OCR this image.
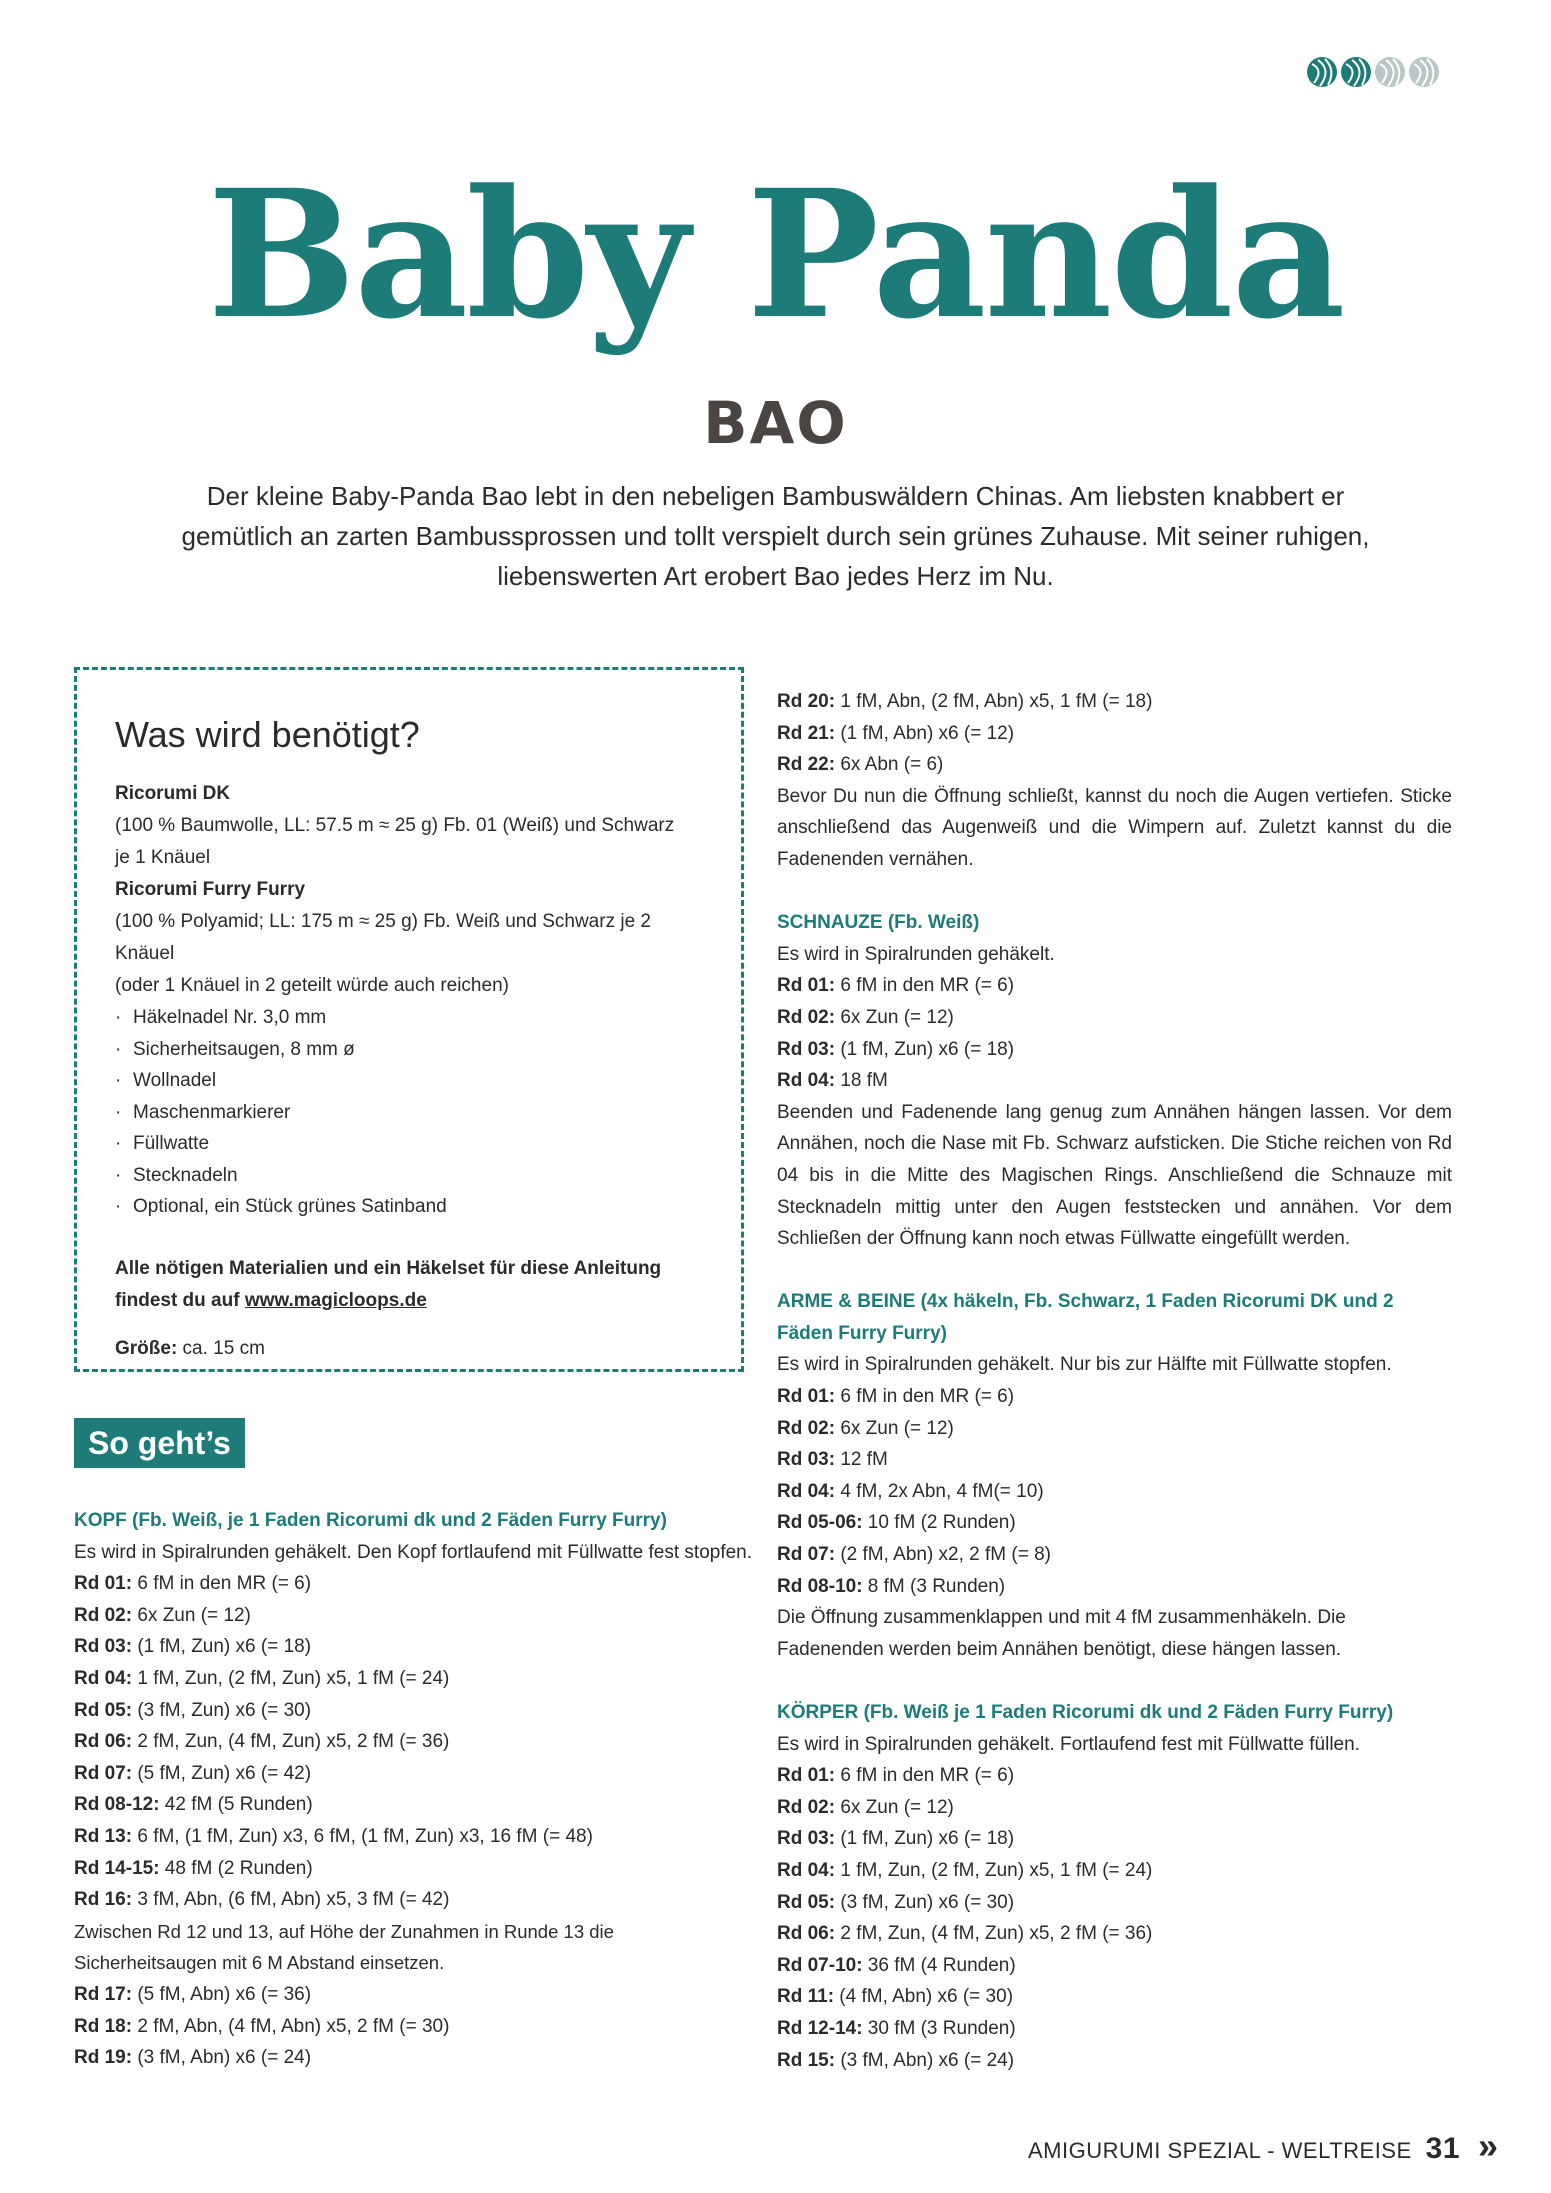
Baby Panda
BAO

Der kleine Baby-Panda Bao lebt in den nebeligen Bambuswäldern Chinas. Am liebsten knabbert er gemütlich an zarten Bambussprossen und tollt verspielt durch sein grünes Zuhause. Mit seiner ruhigen, liebenswerten Art erobert Bao jedes Herz im Nu.

Was wird benötigt?

Ricorumi DK

(100 % Baumwolle, LL: 57.5 m ≈ 25 g) Fb. 01 (Weiß) und Schwarz

je 1 Knäuel

Ricorumi Furry Furry

(100 % Polyamid; LL: 175 m ≈ 25 g) Fb. Weiß und Schwarz je 2 Knäuel

(oder 1 Knäuel in 2 geteilt würde auch reichen)

· Häkelnadel Nr. 3,0 mm
· Sicherheitsaugen, 8 mm ø
· Wollnadel
· Maschenmarkierer
· Füllwatte
· Stecknadeln
· Optional, ein Stück grünes Satinband

Alle nötigen Materialien und ein Häkelset für diese Anleitung findest du auf www.magicloops.de

Größe: ca. 15 cm

So geht’s

KOPF (Fb. Weiß, je 1 Faden Ricorumi dk und 2 Fäden Furry Furry)

Es wird in Spiralrunden gehäkelt. Den Kopf fortlaufend mit Füllwatte fest stopfen.

Rd 01: 6 fM in den MR (= 6)

Rd 02: 6x Zun (= 12)

Rd 03: (1 fM, Zun) x6 (= 18)

Rd 04: 1 fM, Zun, (2 fM, Zun) x5, 1 fM (= 24)

Rd 05: (3 fM, Zun) x6 (= 30)

Rd 06: 2 fM, Zun, (4 fM, Zun) x5, 2 fM (= 36)

Rd 07: (5 fM, Zun) x6 (= 42)

Rd 08-12: 42 fM (5 Runden)

Rd 13: 6 fM, (1 fM, Zun) x3, 6 fM, (1 fM, Zun) x3, 16 fM (= 48)

Rd 14-15: 48 fM (2 Runden)

Rd 16: 3 fM, Abn, (6 fM, Abn) x5, 3 fM (= 42)

Zwischen Rd 12 und 13, auf Höhe der Zunahmen in Runde 13 die Sicherheitsaugen mit 6 M Abstand einsetzen.

Rd 17: (5 fM, Abn) x6 (= 36)

Rd 18: 2 fM, Abn, (4 fM, Abn) x5, 2 fM (= 30)

Rd 19: (3 fM, Abn) x6 (= 24)

Rd 20: 1 fM, Abn, (2 fM, Abn) x5, 1 fM (= 18)

Rd 21: (1 fM, Abn) x6 (= 12)

Rd 22: 6x Abn (= 6)

Bevor Du nun die Öffnung schließt, kannst du noch die Augen vertiefen. Sticke anschließend das Augenweiß und die Wimpern auf. Zuletzt kannst du die Fadenenden vernähen.

SCHNAUZE (Fb. Weiß)

Es wird in Spiralrunden gehäkelt.

Rd 01: 6 fM in den MR (= 6)

Rd 02: 6x Zun (= 12)

Rd 03: (1 fM, Zun) x6 (= 18)

Rd 04: 18 fM

Beenden und Fadenende lang genug zum Annähen hängen lassen. Vor dem Annähen, noch die Nase mit Fb. Schwarz aufsticken. Die Stiche reichen von Rd 04 bis in die Mitte des Magischen Rings. Anschließend die Schnauze mit Stecknadeln mittig unter den Augen feststecken und annähen. Vor dem Schließen der Öffnung kann noch etwas Füllwatte eingefüllt werden.

ARME & BEINE (4x häkeln, Fb. Schwarz, 1 Faden Ricorumi DK und 2 Fäden Furry Furry)

Es wird in Spiralrunden gehäkelt. Nur bis zur Hälfte mit Füllwatte stopfen.

Rd 01: 6 fM in den MR (= 6)

Rd 02: 6x Zun (= 12)

Rd 03: 12 fM

Rd 04: 4 fM, 2x Abn, 4 fM(= 10)

Rd 05-06: 10 fM (2 Runden)

Rd 07: (2 fM, Abn) x2, 2 fM (= 8)

Rd 08-10: 8 fM (3 Runden)

Die Öffnung zusammenklappen und mit 4 fM zusammenhäkeln. Die Fadenenden werden beim Annähen benötigt, diese hängen lassen.

KÖRPER (Fb. Weiß je 1 Faden Ricorumi dk und 2 Fäden Furry Furry)

Es wird in Spiralrunden gehäkelt. Fortlaufend fest mit Füllwatte füllen.

Rd 01: 6 fM in den MR (= 6)

Rd 02: 6x Zun (= 12)

Rd 03: (1 fM, Zun) x6 (= 18)

Rd 04: 1 fM, Zun, (2 fM, Zun) x5, 1 fM (= 24)

Rd 05: (3 fM, Zun) x6 (= 30)

Rd 06: 2 fM, Zun, (4 fM, Zun) x5, 2 fM (= 36)

Rd 07-10: 36 fM (4 Runden)

Rd 11: (4 fM, Abn) x6 (= 30)

Rd 12-14: 30 fM (3 Runden)

Rd 15: (3 fM, Abn) x6 (= 24)

AMIGURUMI SPEZIAL - WELTREISE 31 »
